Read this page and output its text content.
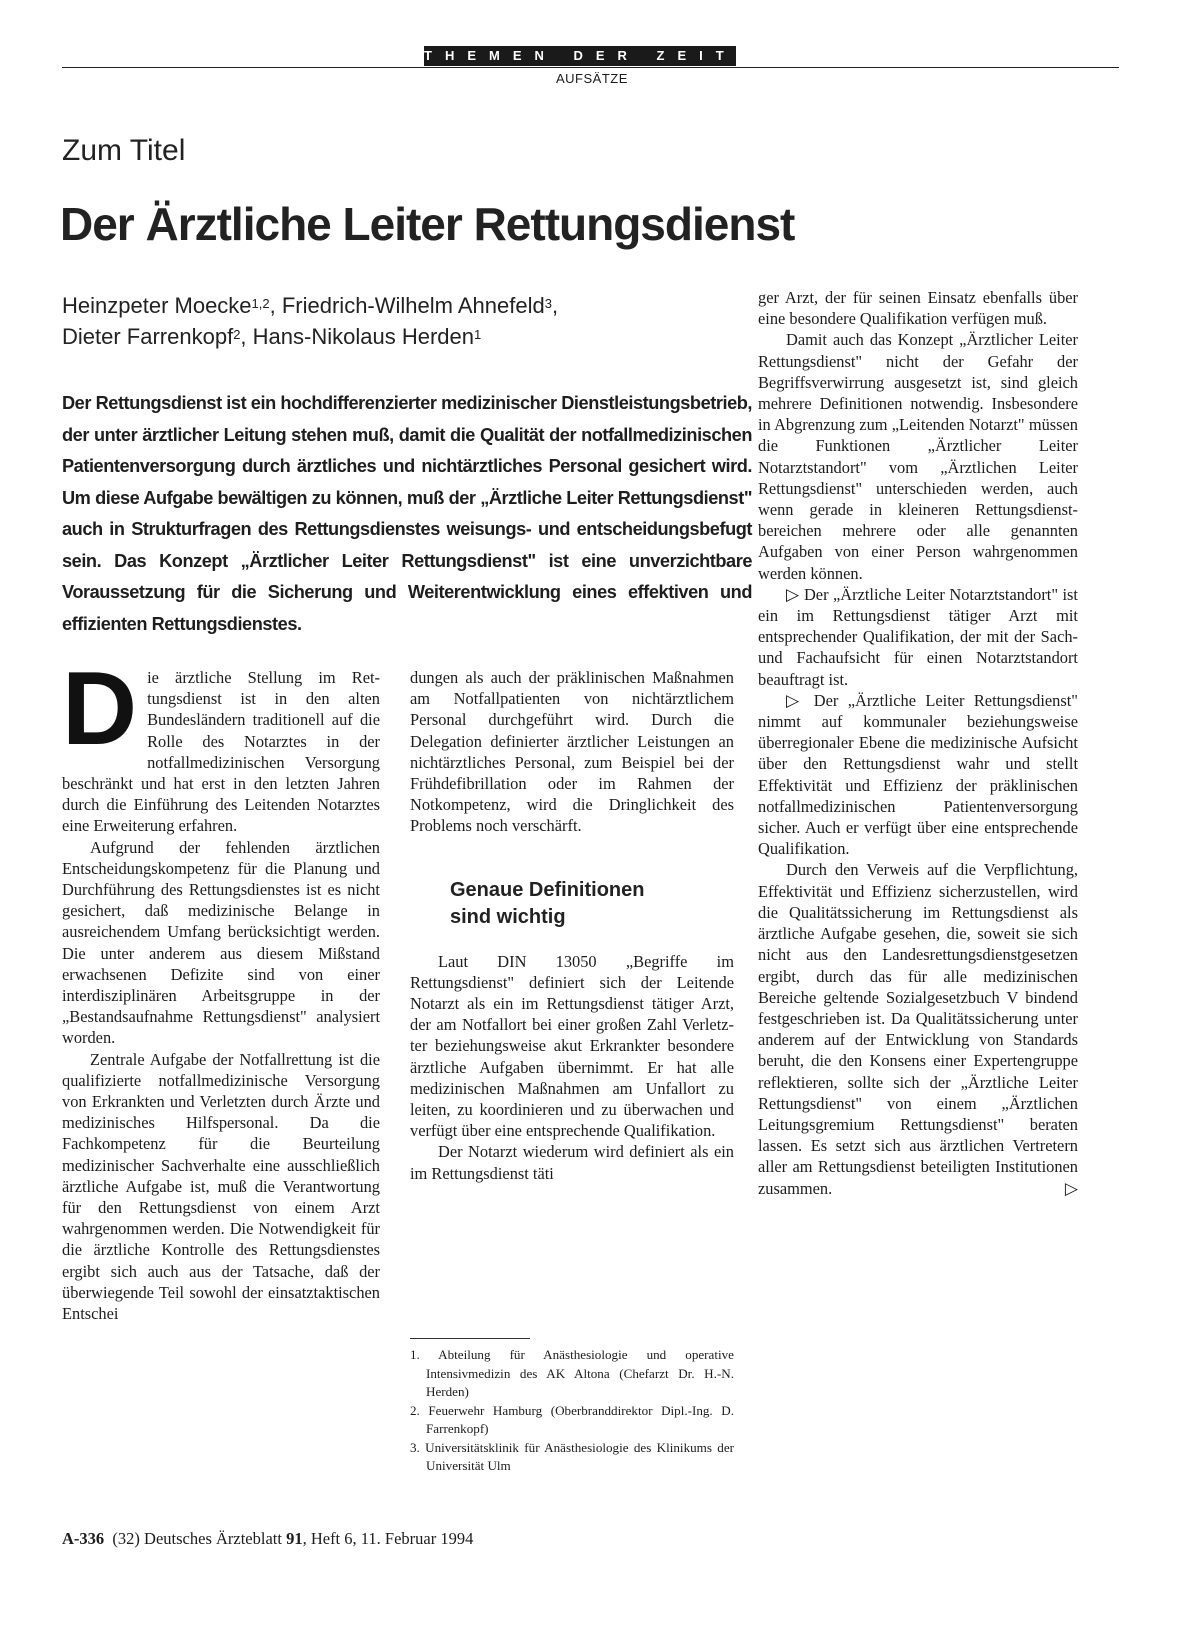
THEMEN DER ZEIT
AUFSÄTZE
Zum Titel
Der Ärztliche Leiter Rettungsdienst
Heinzpeter Moecke$^{1,2}$, Friedrich-Wilhelm Ahnefeld$^3$,
Dieter Farrenkopf$^2$, Hans-Nikolaus Herden$^1$
Der Rettungsdienst ist ein hochdifferenzierter medizinischer Dienstleistungsbetrieb, der unter ärztlicher Leitung stehen muß, damit die Qualität der notfallmedizinischen Patientenversorgung durch ärztliches und nichtärztliches Personal gesichert wird. Um diese Aufgabe bewältigen zu können, muß der „Ärztliche Leiter Rettungsdienst" auch in Strukturfragen des Rettungsdienstes weisungs- und entscheidungsbefugt sein. Das Konzept „Ärztlicher Leiter Rettungsdienst" ist eine unverzichtbare Voraussetzung für die Sicherung und Weiterentwicklung eines effektiven und effizienten Rettungsdienstes.

Die ärztliche Stellung im Rettungsdienst ist in den alten Bundesländern traditionell auf die Rolle des Notarztes in der notfallmedizinischen Versorgung beschränkt und hat erst in den letzten Jahren durch die Einführung des Leitenden Notarztes eine Erweiterung erfahren.

Aufgrund der fehlenden ärztlichen Entscheidungskompetenz für die Planung und Durchführung des Rettungsdienstes ist es nicht gesichert, daß medizinische Belange in ausreichendem Umfang berücksichtigt werden. Die unter anderem aus diesem Mißstand erwachsenen Defizite sind von einer interdisziplinären Arbeitsgruppe in der „Bestandsaufnahme Rettungsdienst" analysiert worden.

Zentrale Aufgabe der Notfallrettung ist die qualifizierte notfallmedizinische Versorgung von Erkrankten und Verletzten durch Ärzte und medizinisches Hilfspersonal. Da die Fachkompetenz für die Beurteilung medizinischer Sachverhalte eine ausschließlich ärztliche Aufgabe ist, muß die Verantwortung für den Rettungsdienst von einem Arzt wahrgenommen werden. Die Notwendigkeit für die ärztliche Kontrolle des Rettungsdienstes ergibt sich auch aus der Tatsache, daß der überwiegende Teil sowohl der einsatztaktischen Entschei

dungen als auch der präklinischen Maßnahmen am Notfallpatienten von nichtärztlichem Personal durchgeführt wird. Durch die Delegation definierter ärztlicher Leistungen an nichtärztliches Personal, zum Beispiel bei der Frühdefibrillation oder im Rahmen der Notkompetenz, wird die Dringlichkeit des Problems noch verschärft.

Genaue Definitionen
sind wichtig

Laut DIN 13050 „Begriffe im Rettungsdienst" definiert sich der Leitende Notarzt als ein im Rettungsdienst tätiger Arzt, der am Notfallort bei einer großen Zahl Verletzter beziehungsweise akut Erkrankter besondere ärztliche Aufgaben übernimmt. Er hat alle medizinischen Maßnahmen am Unfallort zu leiten, zu koordinieren und zu überwachen und verfügt über eine entsprechende Qualifikation.

Der Notarzt wiederum wird definiert als ein im Rettungsdienst täti

1. Abteilung für Anästhesiologie und operative Intensivmedizin des AK Altona (Chefarzt Dr. H.-N. Herden)
2. Feuerwehr Hamburg (Oberbranddirektor Dipl.-Ing. D. Farrenkopf)
3. Universitätsklinik für Anästhesiologie des Klinikums der Universität Ulm

ger Arzt, der für seinen Einsatz ebenfalls über eine besondere Qualifikation verfügen muß.

Damit auch das Konzept „Ärztlicher Leiter Rettungsdienst" nicht der Gefahr der Begriffsverwirrung ausgesetzt ist, sind gleich mehrere Definitionen notwendig. Insbesondere in Abgrenzung zum „Leitenden Notarzt" müssen die Funktionen „Ärztlicher Leiter Notarztstandort" vom „Ärztlichen Leiter Rettungsdienst" unterschieden werden, auch wenn gerade in kleineren Rettungsdienstbereichen mehrere oder alle genannten Aufgaben von einer Person wahrgenommen werden können.

▷ Der „Ärztliche Leiter Notarztstandort" ist ein im Rettungsdienst tätiger Arzt mit entsprechender Qualifikation, der mit der Sach- und Fachaufsicht für einen Notarztstandort beauftragt ist.

▷ Der „Ärztliche Leiter Rettungsdienst" nimmt auf kommunaler beziehungsweise überregionaler Ebene die medizinische Aufsicht über den Rettungsdienst wahr und stellt Effektivität und Effizienz der präklinischen notfallmedizinischen Patientenversorgung sicher. Auch er verfügt über eine entsprechende Qualifikation.

Durch den Verweis auf die Verpflichtung, Effektivität und Effizienz sicherzustellen, wird die Qualitätssicherung im Rettungsdienst als ärztliche Aufgabe gesehen, die, soweit sie sich nicht aus den Landesrettungsdienstgesetzen ergibt, durch das für alle medizinischen Bereiche geltende Sozialgesetzbuch V bindend festgeschrieben ist. Da Qualitätssicherung unter anderem auf der Entwicklung von Standards beruht, die den Konsens einer Expertengruppe reflektieren, sollte sich der „Ärztliche Leiter Rettungsdienst" von einem „Ärztlichen Leitungsgremium Rettungsdienst" beraten lassen. Es setzt sich aus ärztlichen Vertretern aller am Rettungsdienst beteiligten Institutionen zusammen.	▷

A-336 (32) Deutsches Ärzteblatt 91, Heft 6, 11. Februar 1994
